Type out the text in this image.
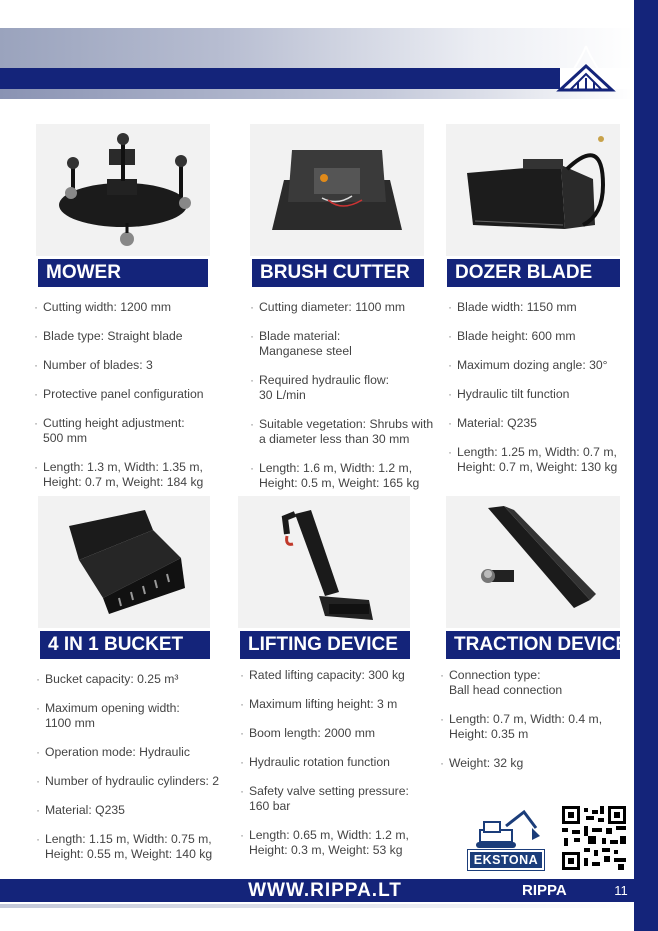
MOWER
· Cutting width: 1200 mm
· Blade type: Straight blade
· Number of blades: 3
· Protective panel configuration
· Cutting height adjustment:
500 mm
· Length: 1.3 m, Width: 1.35 m,
Height: 0.7 m, Weight: 184 kg
BRUSH CUTTER
· Cutting diameter: 1100 mm
· Blade material:
Manganese steel
· Required hydraulic flow:
30 L/min
· Suitable vegetation: Shrubs with
a diameter less than 30 mm
· Length: 1.6 m, Width: 1.2 m,
Height: 0.5 m, Weight: 165 kg
DOZER BLADE
· Blade width: 1150 mm
· Blade height: 600 mm
· Maximum dozing angle: 30°
· Hydraulic tilt function
· Material: Q235
· Length: 1.25 m, Width: 0.7 m,
Height: 0.7 m, Weight: 130 kg
4 IN 1 BUCKET
· Bucket capacity: 0.25 m³
· Maximum opening width:
1100 mm
· Operation mode: Hydraulic
· Number of hydraulic cylinders: 2
· Material: Q235
· Length: 1.15 m, Width: 0.75 m,
Height: 0.55 m, Weight: 140 kg
LIFTING DEVICE
· Rated lifting capacity: 300 kg
· Maximum lifting height: 3 m
· Boom length: 2000 mm
· Hydraulic rotation function
· Safety valve setting pressure:
160 bar
· Length: 0.65 m, Width: 1.2 m,
Height: 0.3 m, Weight: 53 kg
TRACTION DEVICE
· Connection type:
Ball head connection
· Length: 0.7 m, Width: 0.4 m,
Height: 0.35 m
· Weight: 32 kg
EKSTONA
WWW.RIPPA.LT	RIPPA	11
